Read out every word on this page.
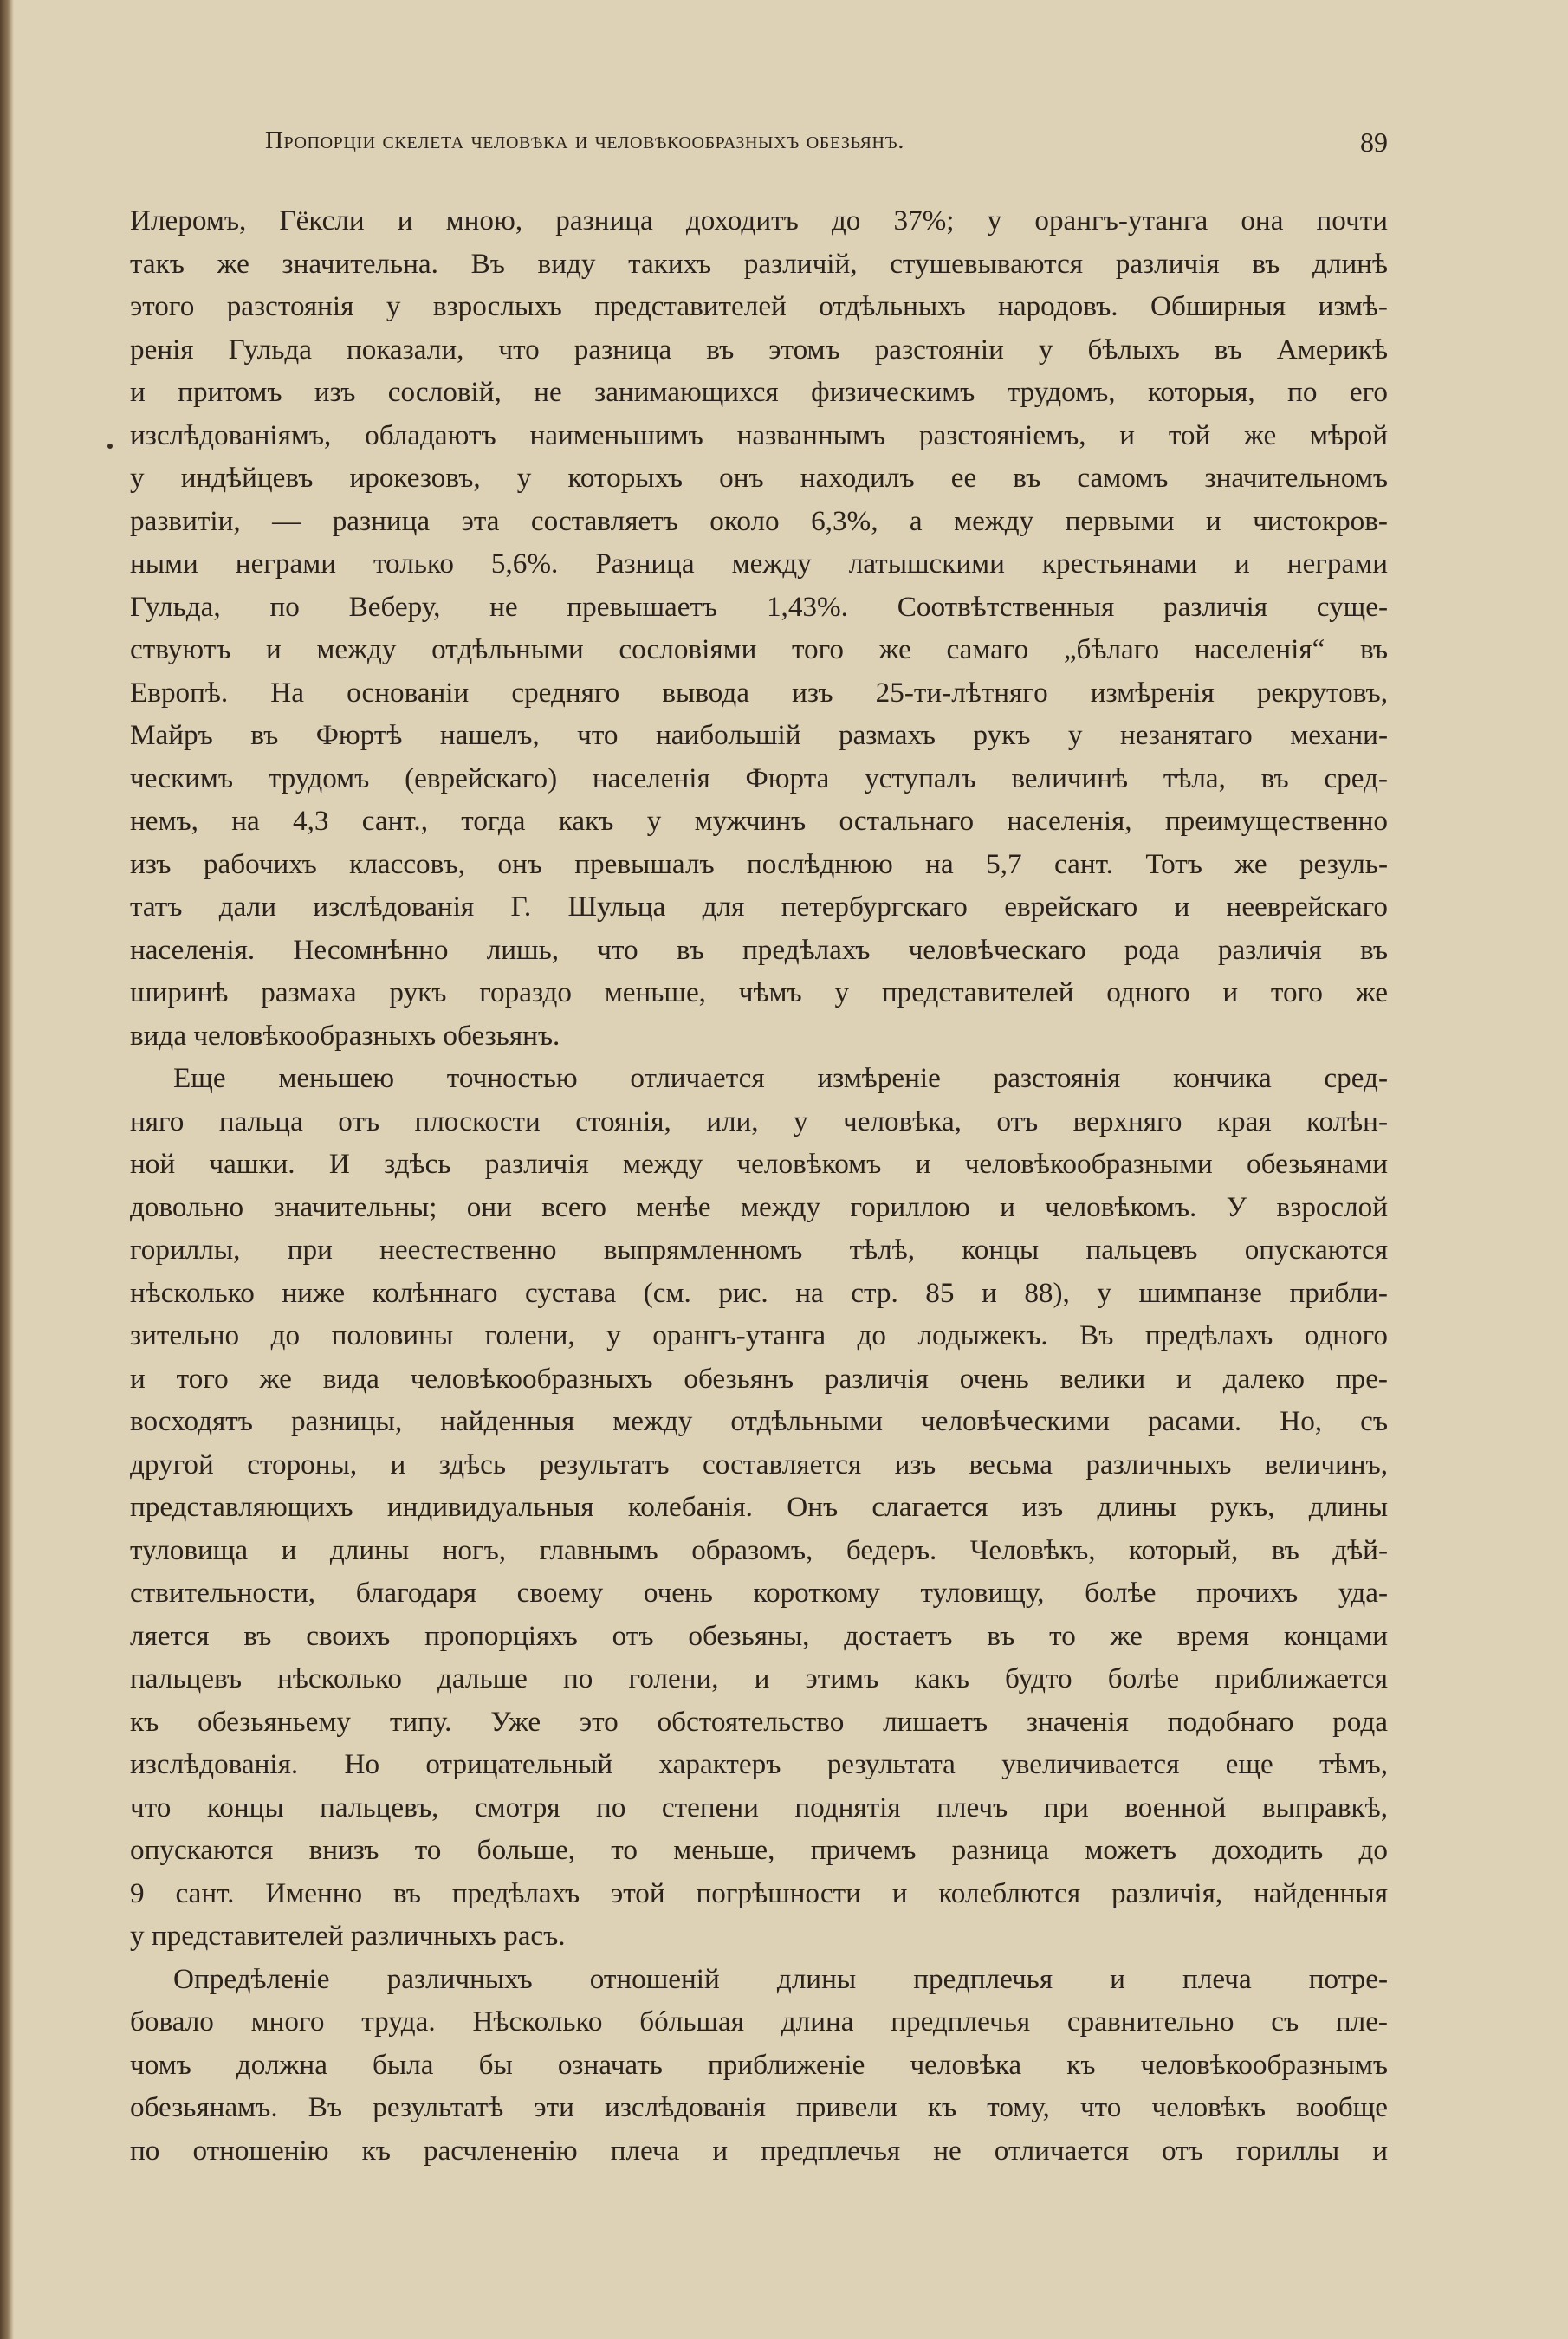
Пропорціи скелета человѣка и человѣкообразныхъ обезьянъ.	89
Илеромъ, Гёксли и мною, разница доходитъ до 37%; у орангъ-утанга она почти
такъ же значительна. Въ виду такихъ различій, стушевываются различія въ длинѣ
этого разстоянія у взрослыхъ представителей отдѣльныхъ народовъ. Обширныя измѣ-
ренія Гульда показали, что разница въ этомъ разстояніи у бѣлыхъ въ Америкѣ
и притомъ изъ сословій, не занимающихся физическимъ трудомъ, которыя, по его
изслѣдованіямъ, обладаютъ наименьшимъ названнымъ разстояніемъ, и той же мѣрой
у индѣйцевъ ирокезовъ, у которыхъ онъ находилъ ее въ самомъ значительномъ
развитіи, — разница эта составляетъ около 6,3%, а между первыми и чистокров-
ными неграми только 5,6%. Разница между латышскими крестьянами и неграми
Гульда, по Веберу, не превышаетъ 1,43%. Соотвѣтственныя различія суще-
ствуютъ и между отдѣльными сословіями того же самаго „бѣлаго населенія“ въ
Европѣ. На основаніи средняго вывода изъ 25-ти-лѣтняго измѣренія рекрутовъ,
Майръ въ Фюртѣ нашелъ, что наибольшій размахъ рукъ у незанятаго механи-
ческимъ трудомъ (еврейскаго) населенія Фюрта уступалъ величинѣ тѣла, въ сред-
немъ, на 4,3 сант., тогда какъ у мужчинъ остальнаго населенія, преимущественно
изъ рабочихъ классовъ, онъ превышалъ послѣднюю на 5,7 сант. Тотъ же резуль-
татъ дали изслѣдованія Г. Шульца для петербургскаго еврейскаго и нееврейскаго
населенія. Несомнѣнно лишь, что въ предѣлахъ человѣческаго рода различія въ
ширинѣ размаха рукъ гораздо меньше, чѣмъ у представителей одного и того же
вида человѣкообразныхъ обезьянъ.
Еще меньшею точностью отличается измѣреніе разстоянія кончика сред-
няго пальца отъ плоскости стоянія, или, у человѣка, отъ верхняго края колѣн-
ной чашки. И здѣсь различія между человѣкомъ и человѣкообразными обезьянами
довольно значительны; они всего менѣе между гориллою и человѣкомъ. У взрослой
гориллы, при неестественно выпрямленномъ тѣлѣ, концы пальцевъ опускаются
нѣсколько ниже колѣннаго сустава (см. рис. на стр. 85 и 88), у шимпанзе прибли-
зительно до половины голени, у орангъ-утанга до лодыжекъ. Въ предѣлахъ одного
и того же вида человѣкообразныхъ обезьянъ различія очень велики и далеко пре-
восходятъ разницы, найденныя между отдѣльными человѣческими расами. Но, съ
другой стороны, и здѣсь результатъ составляется изъ весьма различныхъ величинъ,
представляющихъ индивидуальныя колебанія. Онъ слагается изъ длины рукъ, длины
туловища и длины ногъ, главнымъ образомъ, бедеръ. Человѣкъ, который, въ дѣй-
ствительности, благодаря своему очень короткому туловищу, болѣе прочихъ уда-
ляется въ своихъ пропорціяхъ отъ обезьяны, достаетъ въ то же время концами
пальцевъ нѣсколько дальше по голени, и этимъ какъ будто болѣе приближается
къ обезьяньему типу. Уже это обстоятельство лишаетъ значенія подобнаго рода
изслѣдованія. Но отрицательный характеръ результата увеличивается еще тѣмъ,
что концы пальцевъ, смотря по степени поднятія плечъ при военной выправкѣ,
опускаются внизъ то больше, то меньше, причемъ разница можетъ доходить до
9 сант. Именно въ предѣлахъ этой погрѣшности и колеблются различія, найденныя
у представителей различныхъ расъ.
Опредѣленіе различныхъ отношеній длины предплечья и плеча потре-
бовало много труда. Нѣсколько бóльшая длина предплечья сравнительно съ пле-
чомъ должна была бы означать приближеніе человѣка къ человѣкообразнымъ
обезьянамъ. Въ результатѣ эти изслѣдованія привели къ тому, что человѣкъ вообще
по отношенію къ расчлененію плеча и предплечья не отличается отъ гориллы и
